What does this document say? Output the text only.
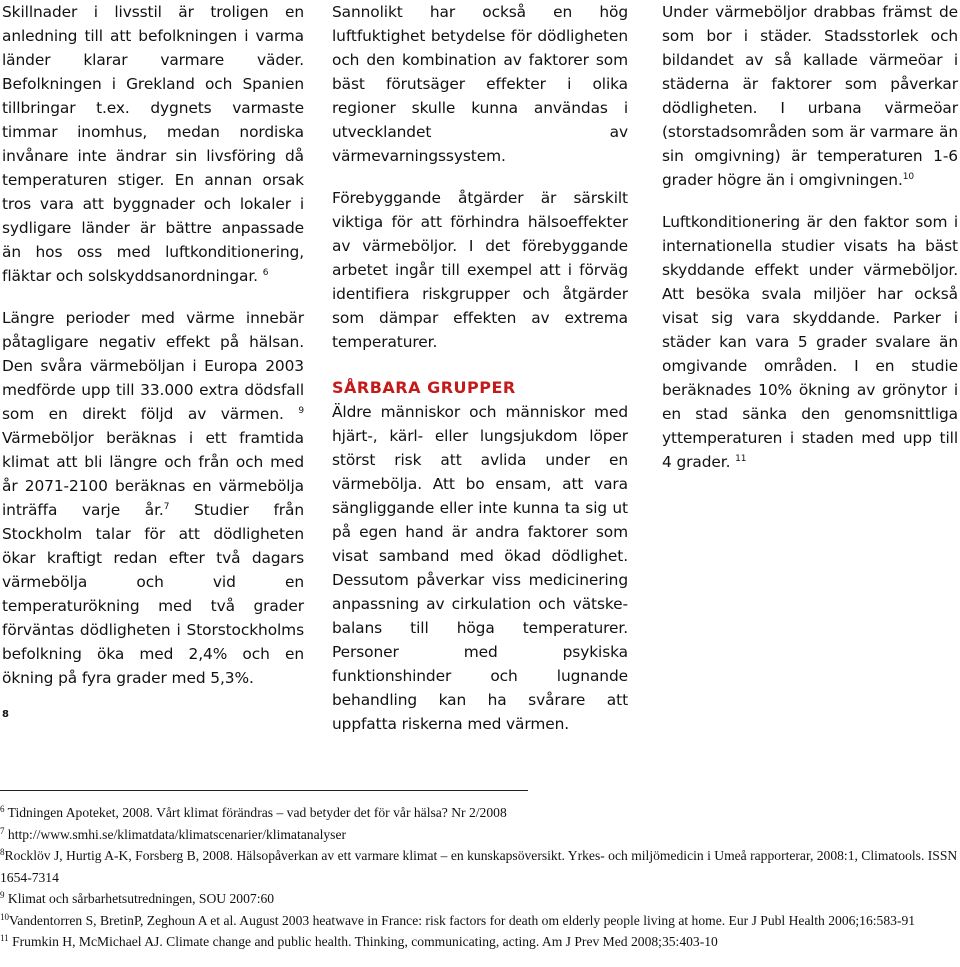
Skillnader i livsstil är troligen en anledning till att befolkningen i varma länder klarar varmare väder. Befolkningen i Grekland och Spanien tillbringar t.ex. dygnets varmaste timmar inomhus, medan nordiska invånare inte ändrar sin livsföring då temperaturen stiger. En annan orsak tros vara att byggnader och lokaler i sydligare länder är bättre anpassade än hos oss med luftkonditionering, fläktar och solskyddsanordningar. $^6$

Längre perioder med värme innebär påtagligare negativ effekt på hälsan. Den svåra värmeböljan i Europa 2003 medförde upp till 33.000 extra dödsfall som en direkt följd av värmen. $^9$ Värmeböljor beräknas i ett framtida klimat att bli längre och från och med år 2071-2100 beräknas en värmebölja inträffa varje år.$^7$ Studier från Stockholm talar för att dödligheten ökar kraftigt redan efter två dagars värmebölja och vid en temperaturökning med två grader förväntas dödligheten i Storstockholms befolkning öka med 2,4% och en ökning på fyra grader med 5,3%.

8

Sannolikt har också en hög luftfuktighet betydelse för dödligheten och den kombination av faktorer som bäst förutsäger effekter i olika regioner skulle kunna användas i utvecklandet av värmevarningssystem.

Förebyggande åtgärder är särskilt viktiga för att förhindra hälsoeffekter av värmeböljor. I det förebyggande arbetet ingår till exempel att i förväg identifiera riskgrupper och åtgärder som dämpar effekten av extrema temperaturer.

SÅRBARA GRUPPER

Äldre människor och människor med hjärt-, kärl- eller lungsjukdom löper störst risk att avlida under en värmebölja. Att bo ensam, att vara sängliggande eller inte kunna ta sig ut på egen hand är andra faktorer som visat samband med ökad dödlighet. Dessutom påverkar viss medicinering anpassning av cirkulation och vätske- balans till höga temperaturer. Personer med psykiska funktionshinder och lugnande behandling kan ha svårare att uppfatta riskerna med värmen.

Under värmeböljor drabbas främst de som bor i städer. Stadsstorlek och bildandet av så kallade värmeöar i städerna är faktorer som påverkar dödligheten. I urbana värmeöar (storstadsområden som är varmare än sin omgivning) är temperaturen 1-6 grader högre än i omgivningen.$^{10}$

Luftkonditionering är den faktor som i internationella studier visats ha bäst skyddande effekt under värmeböljor. Att besöka svala miljöer har också visat sig vara skyddande. Parker i städer kan vara 5 grader svalare än omgivande områden. I en studie beräknades 10% ökning av grönytor i en stad sänka den genomsnittliga yttemperaturen i staden med upp till 4 grader. $^{11}$

$^6$ Tidningen Apoteket, 2008. Vårt klimat förändras – vad betyder det för vår hälsa? Nr 2/2008

$^7$ http://www.smhi.se/klimatdata/klimatscenarier/klimatanalyser

$^8$Rocklöv J, Hurtig A-K, Forsberg B, 2008. Hälsopåverkan av ett varmare klimat – en kunskapsöversikt. Yrkes- och miljömedicin i Umeå rapporterar, 2008:1, Climatools. ISSN 1654-7314

$^9$ Klimat och sårbarhetsutredningen, SOU 2007:60

$^{10}$Vandentorren S, BretinP, Zeghoun A et al. August 2003 heatwave in France: risk factors for death om elderly people living at home. Eur J Publ Health 2006;16:583-91

$^{11}$ Frumkin H, McMichael AJ. Climate change and public health. Thinking, communicating, acting. Am J Prev Med 2008;35:403-10
